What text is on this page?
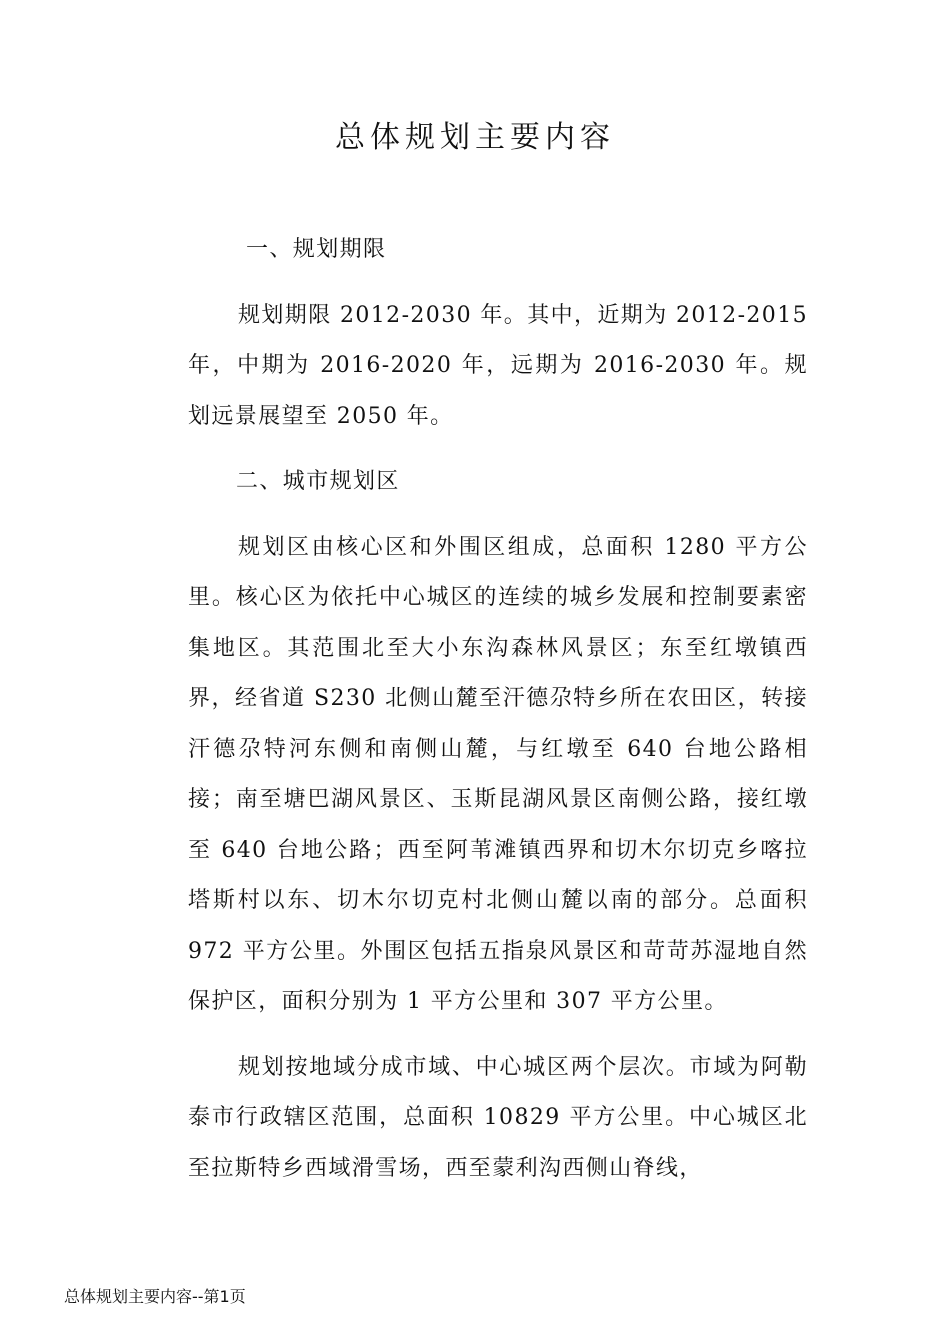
总体规划主要内容

一、规划期限

规划期限 2012-2030 年。其中，近期为 2012-2015 年，中期为 2016-2020 年，远期为 2016-2030 年。规划远景展望至 2050 年。

二、城市规划区

规划区由核心区和外围区组成，总面积 1280 平方公里。核心区为依托中心城区的连续的城乡发展和控制要素密集地区。其范围北至大小东沟森林风景区；东至红墩镇西界，经省道 S230 北侧山麓至汗德尕特乡所在农田区，转接汗德尕特河东侧和南侧山麓，与红墩至 640 台地公路相接；南至塘巴湖风景区、玉斯昆湖风景区南侧公路，接红墩至 640 台地公路；西至阿苇滩镇西界和切木尔切克乡喀拉塔斯村以东、切木尔切克村北侧山麓以南的部分。总面积 972 平方公里。外围区包括五指泉风景区和苛苛苏湿地自然保护区，面积分别为 1 平方公里和 307 平方公里。

规划按地域分成市域、中心城区两个层次。市域为阿勒泰市行政辖区范围，总面积 10829 平方公里。中心城区北至拉斯特乡西域滑雪场，西至蒙利沟西侧山脊线，

总体规划主要内容--第1页
